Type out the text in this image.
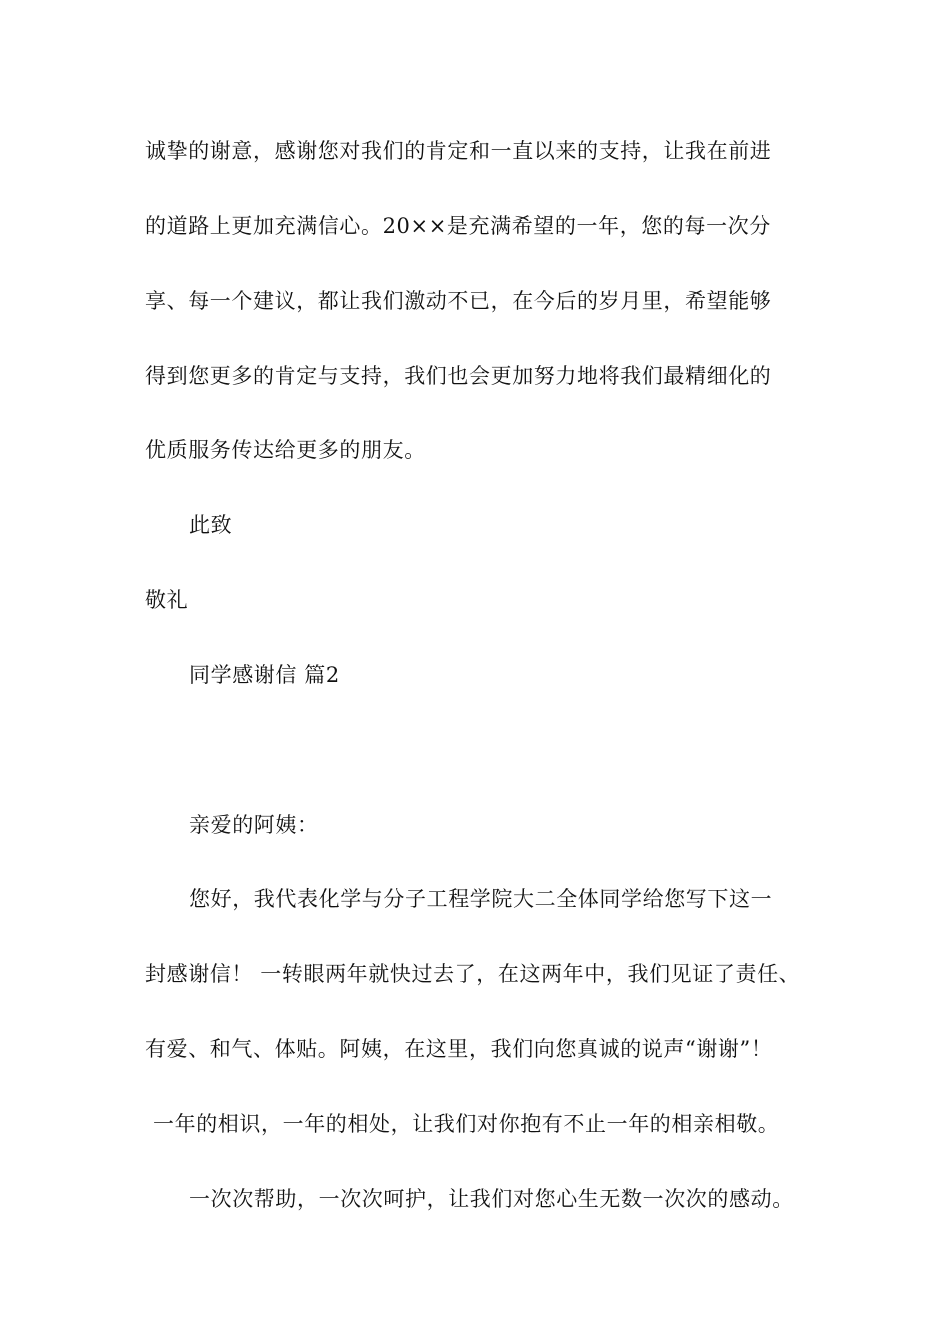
诚挚的谢意，感谢您对我们的肯定和一直以来的支持，让我在前进
的道路上更加充满信心。20××是充满希望的一年，您的每一次分
享、每一个建议，都让我们激动不已，在今后的岁月里，希望能够
得到您更多的肯定与支持，我们也会更加努力地将我们最精细化的
优质服务传达给更多的朋友。
此致
敬礼
同学感谢信 篇2
亲爱的阿姨：
您好，我代表化学与分子工程学院大二全体同学给您写下这一
封感谢信！ 一转眼两年就快过去了，在这两年中，我们见证了责任、
有爱、和气、体贴。阿姨，在这里，我们向您真诚的说声“谢谢”！
一年的相识，一年的相处，让我们对你抱有不止一年的相亲相敬。
一次次帮助，一次次呵护，让我们对您心生无数一次次的感动。
